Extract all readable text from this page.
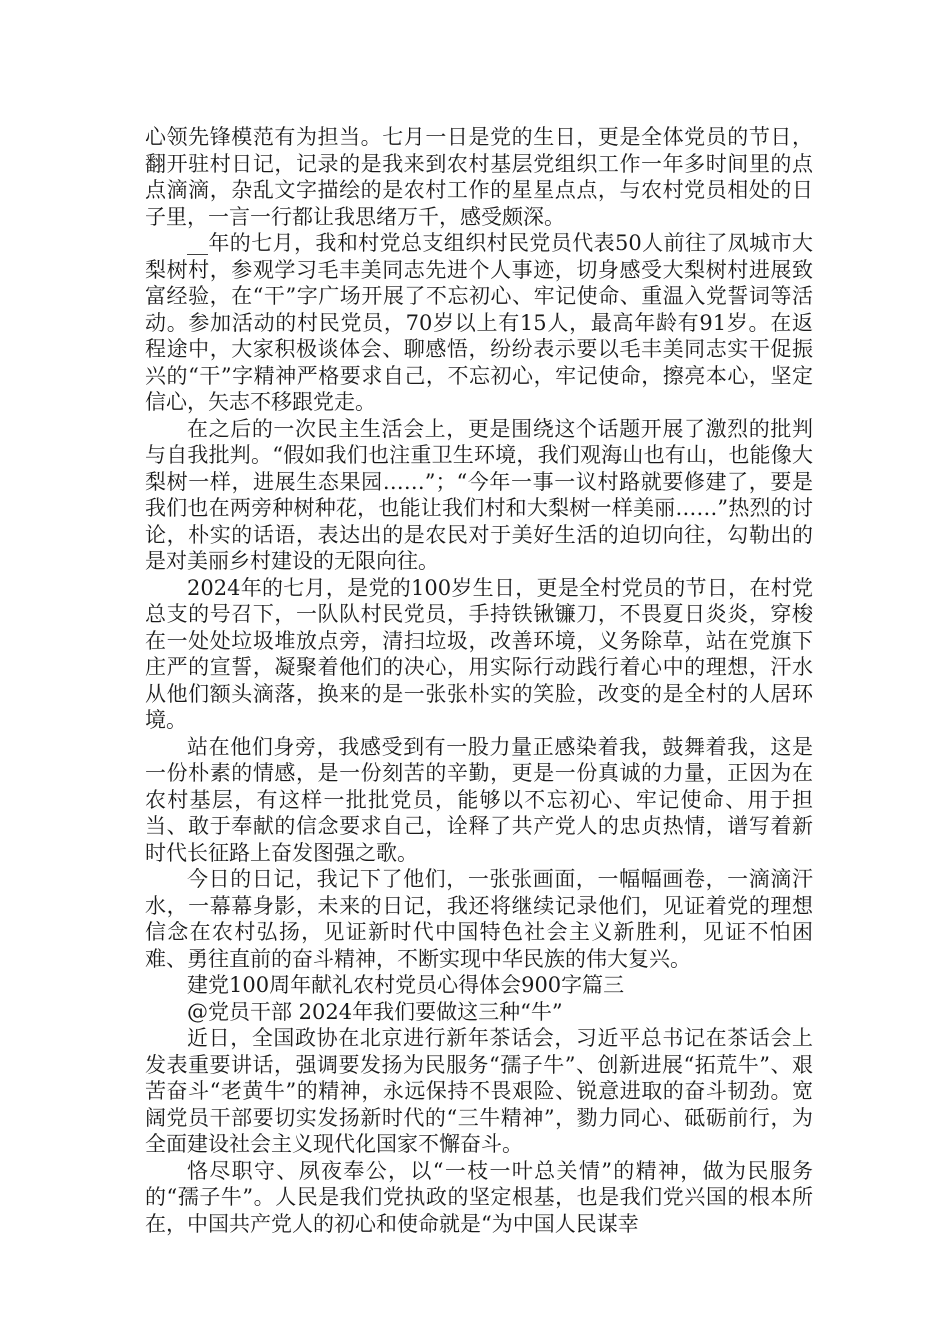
心领先锋模范有为担当。七月一日是党的生日，更是全体党员的节日，翻开驻村日记，记录的是我来到农村基层党组织工作一年多时间里的点点滴滴，杂乱文字描绘的是农村工作的星星点点，与农村党员相处的日子里，一言一行都让我思绪万千，感受颇深。

__年的七月，我和村党总支组织村民党员代表50人前往了凤城市大梨树村，参观学习毛丰美同志先进个人事迹，切身感受大梨树村进展致富经验，在“干”字广场开展了不忘初心、牢记使命、重温入党誓词等活动。参加活动的村民党员，70岁以上有15人，最高年龄有91岁。在返程途中，大家积极谈体会、聊感悟，纷纷表示要以毛丰美同志实干促振兴的“干”字精神严格要求自己，不忘初心，牢记使命，擦亮本心，坚定信心，矢志不移跟党走。

在之后的一次民主生活会上，更是围绕这个话题开展了激烈的批判与自我批判。“假如我们也注重卫生环境，我们观海山也有山，也能像大梨树一样，进展生态果园……”；“今年一事一议村路就要修建了，要是我们也在两旁种树种花，也能让我们村和大梨树一样美丽……”热烈的讨论，朴实的话语，表达出的是农民对于美好生活的迫切向往，勾勒出的是对美丽乡村建设的无限向往。

2024年的七月，是党的100岁生日，更是全村党员的节日，在村党总支的号召下，一队队村民党员，手持铁锹镰刀，不畏夏日炎炎，穿梭在一处处垃圾堆放点旁，清扫垃圾，改善环境，义务除草，站在党旗下庄严的宣誓，凝聚着他们的决心，用实际行动践行着心中的理想，汗水从他们额头滴落，换来的是一张张朴实的笑脸，改变的是全村的人居环境。

站在他们身旁，我感受到有一股力量正感染着我，鼓舞着我，这是一份朴素的情感，是一份刻苦的辛勤，更是一份真诚的力量，正因为在农村基层，有这样一批批党员，能够以不忘初心、牢记使命、用于担当、敢于奉献的信念要求自己，诠释了共产党人的忠贞热情，谱写着新时代长征路上奋发图强之歌。

今日的日记，我记下了他们，一张张画面，一幅幅画卷，一滴滴汗水，一幕幕身影，未来的日记，我还将继续记录他们，见证着党的理想信念在农村弘扬，见证新时代中国特色社会主义新胜利，见证不怕困难、勇往直前的奋斗精神，不断实现中华民族的伟大复兴。

建党100周年献礼农村党员心得体会900字篇三

@党员干部 2024年我们要做这三种“牛”

近日，全国政协在北京进行新年茶话会，习近平总书记在茶话会上发表重要讲话，强调要发扬为民服务“孺子牛”、创新进展“拓荒牛”、艰苦奋斗“老黄牛”的精神，永远保持不畏艰险、锐意进取的奋斗韧劲。宽阔党员干部要切实发扬新时代的“三牛精神”，勠力同心、砥砺前行，为全面建设社会主义现代化国家不懈奋斗。

恪尽职守、夙夜奉公，以“一枝一叶总关情”的精神，做为民服务的“孺子牛”。人民是我们党执政的坚定根基，也是我们党兴国的根本所在，中国共产党人的初心和使命就是“为中国人民谋幸
